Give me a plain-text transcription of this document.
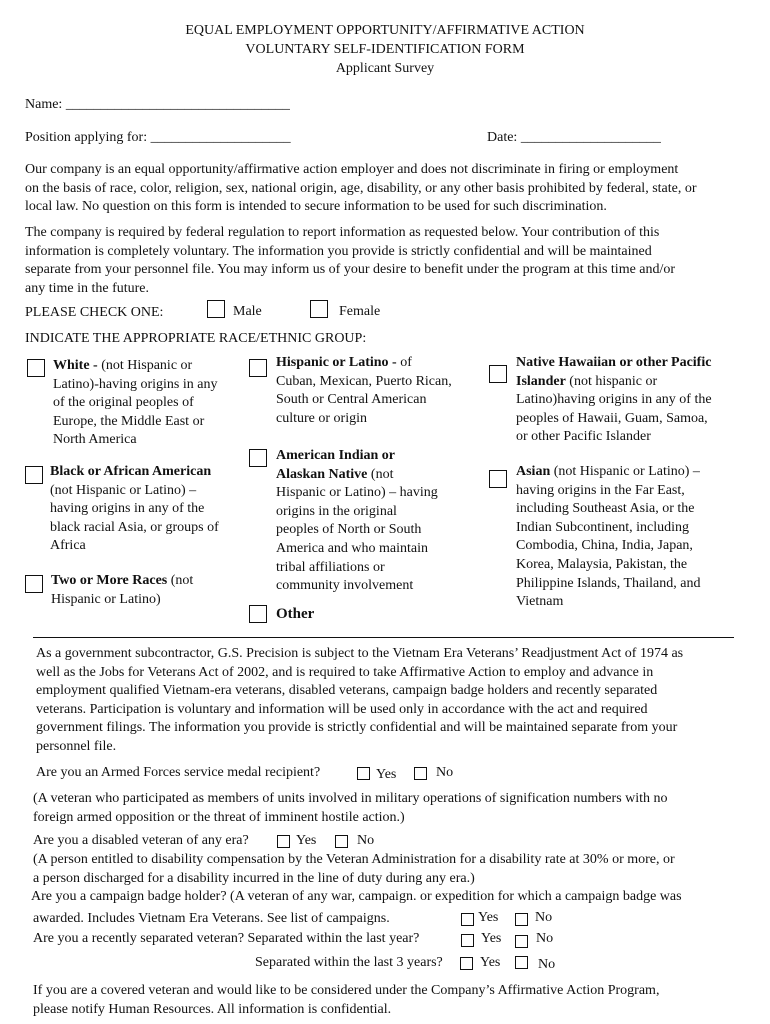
EQUAL EMPLOYMENT OPPORTUNITY/AFFIRMATIVE ACTION
VOLUNTARY SELF-IDENTIFICATION FORM
Applicant Survey
Name: ________________________________
Position applying for: ____________________	Date: ____________________
Our company is an equal opportunity/affirmative action employer and does not discriminate in firing or employment
on the basis of race, color, religion, sex, national origin, age, disability, or any other basis prohibited by federal, state, or
local law. No question on this form is intended to secure information to be used for such discrimination.
The company is required by federal regulation to report information as requested below. Your contribution of this
information is completely voluntary. The information you provide is strictly confidential and will be maintained
separate from your personnel file. You may inform us of your desire to benefit under the program at this time and/or
any time in the future.
PLEASE CHECK ONE:	Male	Female
INDICATE THE APPROPRIATE RACE/ETHNIC GROUP:
White - (not Hispanic or
Latino)-having origins in any
of the original peoples of
Europe, the Middle East or
North America
Black or African American
(not Hispanic or Latino) –
having origins in any of the
black racial Asia, or groups of
Africa
Two or More Races (not
Hispanic or Latino)
Hispanic or Latino - of
Cuban, Mexican, Puerto Rican,
South or Central American
culture or origin
American Indian or
Alaskan Native (not
Hispanic or Latino) – having
origins in the original
peoples of North or South
America and who maintain
tribal affiliations or
community involvement
Other
Native Hawaiian or other Pacific
Islander (not hispanic or
Latino)having origins in any of the
peoples of Hawaii, Guam, Samoa,
or other Pacific Islander
Asian (not Hispanic or Latino) –
having origins in the Far East,
including Southeast Asia, or the
Indian Subcontinent, including
Combodia, China, India, Japan,
Korea, Malaysia, Pakistan, the
Philippine Islands, Thailand, and
Vietnam
As a government subcontractor, G.S. Precision is subject to the Vietnam Era Veterans’ Readjustment Act of 1974 as
well as the Jobs for Veterans Act of 2002, and is required to take Affirmative Action to employ and advance in
employment qualified Vietnam-era veterans, disabled veterans, campaign badge holders and recently separated
veterans. Participation is voluntary and information will be used only in accordance with the act and required
government filings. The information you provide is strictly confidential and will be maintained separate from your
personnel file.
Are you an Armed Forces service medal recipient?	Yes	No
(A veteran who participated as members of units involved in military operations of signification numbers with no
foreign armed opposition or the threat of imminent hostile action.)
Are you a disabled veteran of any era?	Yes	No
(A person entitled to disability compensation by the Veteran Administration for a disability rate at 30% or more, or
a person discharged for a disability incurred in the line of duty during any era.)
Are you a campaign badge holder? (A veteran of any war, campaign. or expedition for which a campaign badge was
awarded. Includes Vietnam Era Veterans. See list of campaigns.	Yes	No
Are you a recently separated veteran? Separated within the last year?	Yes No
Separated within the last 3 years?	Yes	No
If you are a covered veteran and would like to be considered under the Company’s Affirmative Action Program,
please notify Human Resources. All information is confidential.
